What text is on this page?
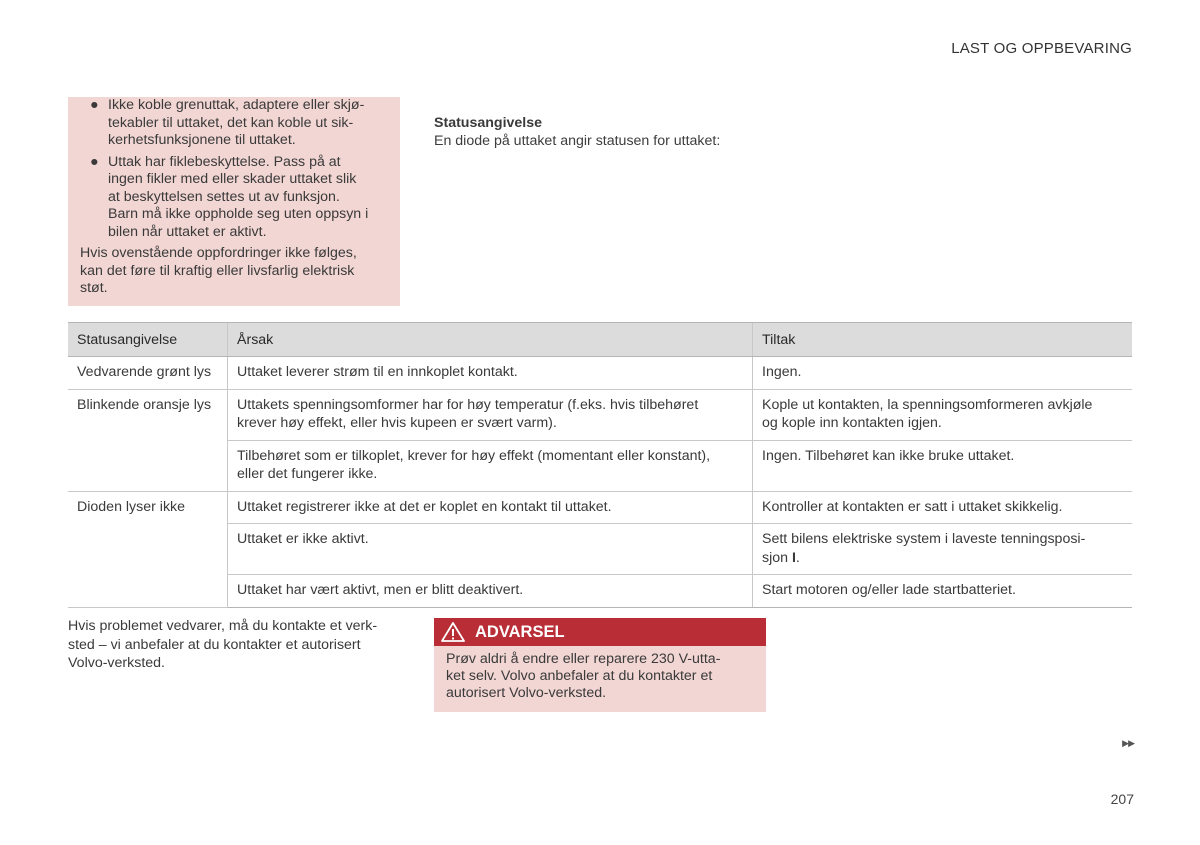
LAST OG OPPBEVARING
● Ikke koble grenuttak, adaptere eller skjø-
tekabler til uttaket, det kan koble ut sik-
kerhetsfunksjonene til uttaket.
● Uttak har fiklebeskyttelse. Pass på at
ingen fikler med eller skader uttaket slik
at beskyttelsen settes ut av funksjon.
Barn må ikke oppholde seg uten oppsyn i
bilen når uttaket er aktivt.

Hvis ovenstående oppfordringer ikke følges,
kan det føre til kraftig eller livsfarlig elektrisk
støt.

Statusangivelse
En diode på uttaket angir statusen for uttaket:
Statusangivelse	Årsak	Tiltak
Vedvarende grønt lys	Uttaket leverer strøm til en innkoplet kontakt.	Ingen.
Blinkende oransje lys	Uttakets spenningsomformer har for høy temperatur (f.eks. hvis tilbehøret
krever høy effekt, eller hvis kupeen er svært varm).	Kople ut kontakten, la spenningsomformeren avkjøle
og kople inn kontakten igjen.
	Tilbehøret som er tilkoplet, krever for høy effekt (momentant eller konstant),
eller det fungerer ikke.	Ingen. Tilbehøret kan ikke bruke uttaket.
Dioden lyser ikke	Uttaket registrerer ikke at det er koplet en kontakt til uttaket.	Kontroller at kontakten er satt i uttaket skikkelig.
	Uttaket er ikke aktivt.	Sett bilens elektriske system i laveste tenningsposi-
sjon I.
	Uttaket har vært aktivt, men er blitt deaktivert.	Start motoren og/eller lade startbatteriet.
Hvis problemet vedvarer, må du kontakte et verk-
sted – vi anbefaler at du kontakter et autorisert
Volvo-verksted.
ADVARSEL
Prøv aldri å endre eller reparere 230 V-utta-
ket selv. Volvo anbefaler at du kontakter et
autorisert Volvo-verksted.
▶▶
207
